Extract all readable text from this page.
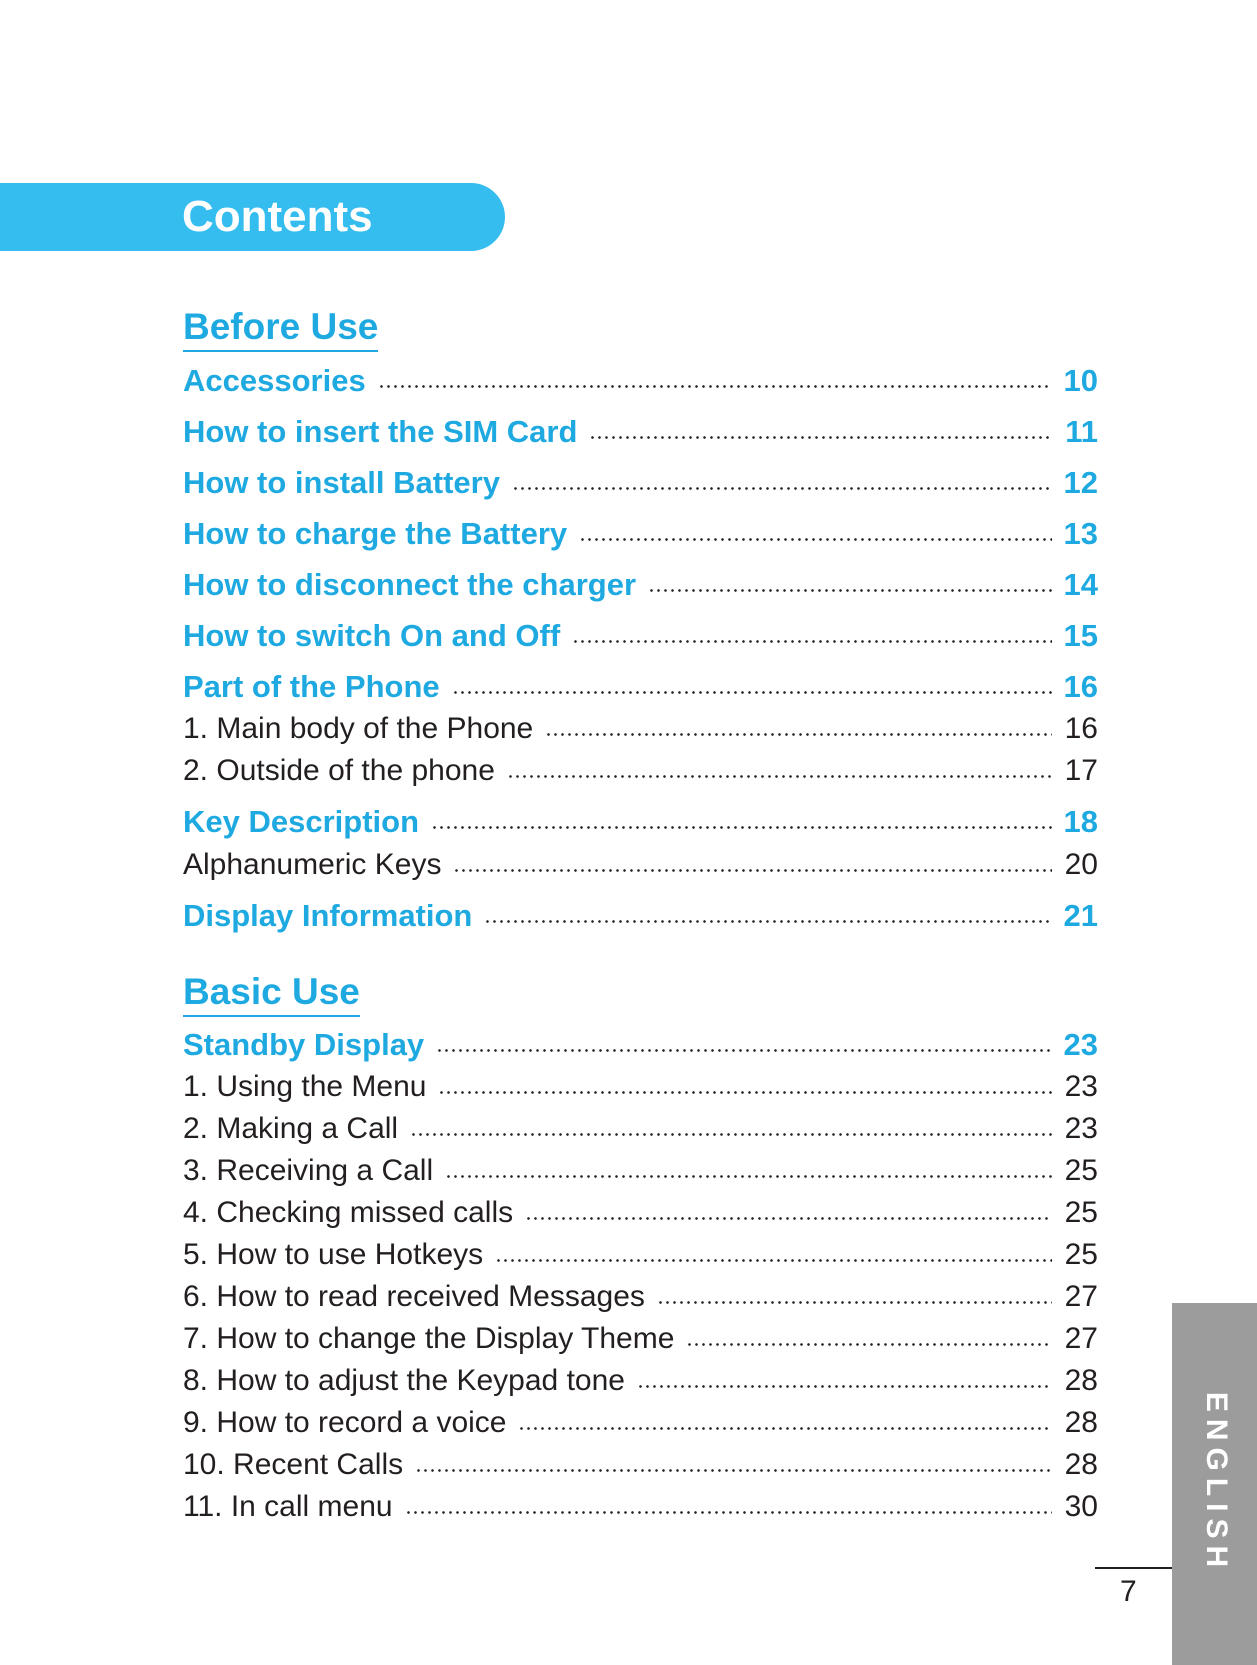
Contents
Before Use
Accessories	10
How to insert the SIM Card	11
How to install Battery	12
How to charge the Battery	13
How to disconnect the charger	14
How to switch On and Off	15
Part of the Phone	16
1. Main body of the Phone	16
2. Outside of the phone	17
Key Description	18
Alphanumeric Keys	20
Display Information	21
Basic Use
Standby Display	23
1. Using the Menu	23
2. Making a Call	23
3. Receiving a Call	25
4. Checking missed calls	25
5. How to use Hotkeys	25
6. How to read received Messages	27
7. How to change the Display Theme	27
8. How to adjust the Keypad tone	28
9. How to record a voice	28
10. Recent Calls	28
11. In call menu	30	ENGLISH
7
